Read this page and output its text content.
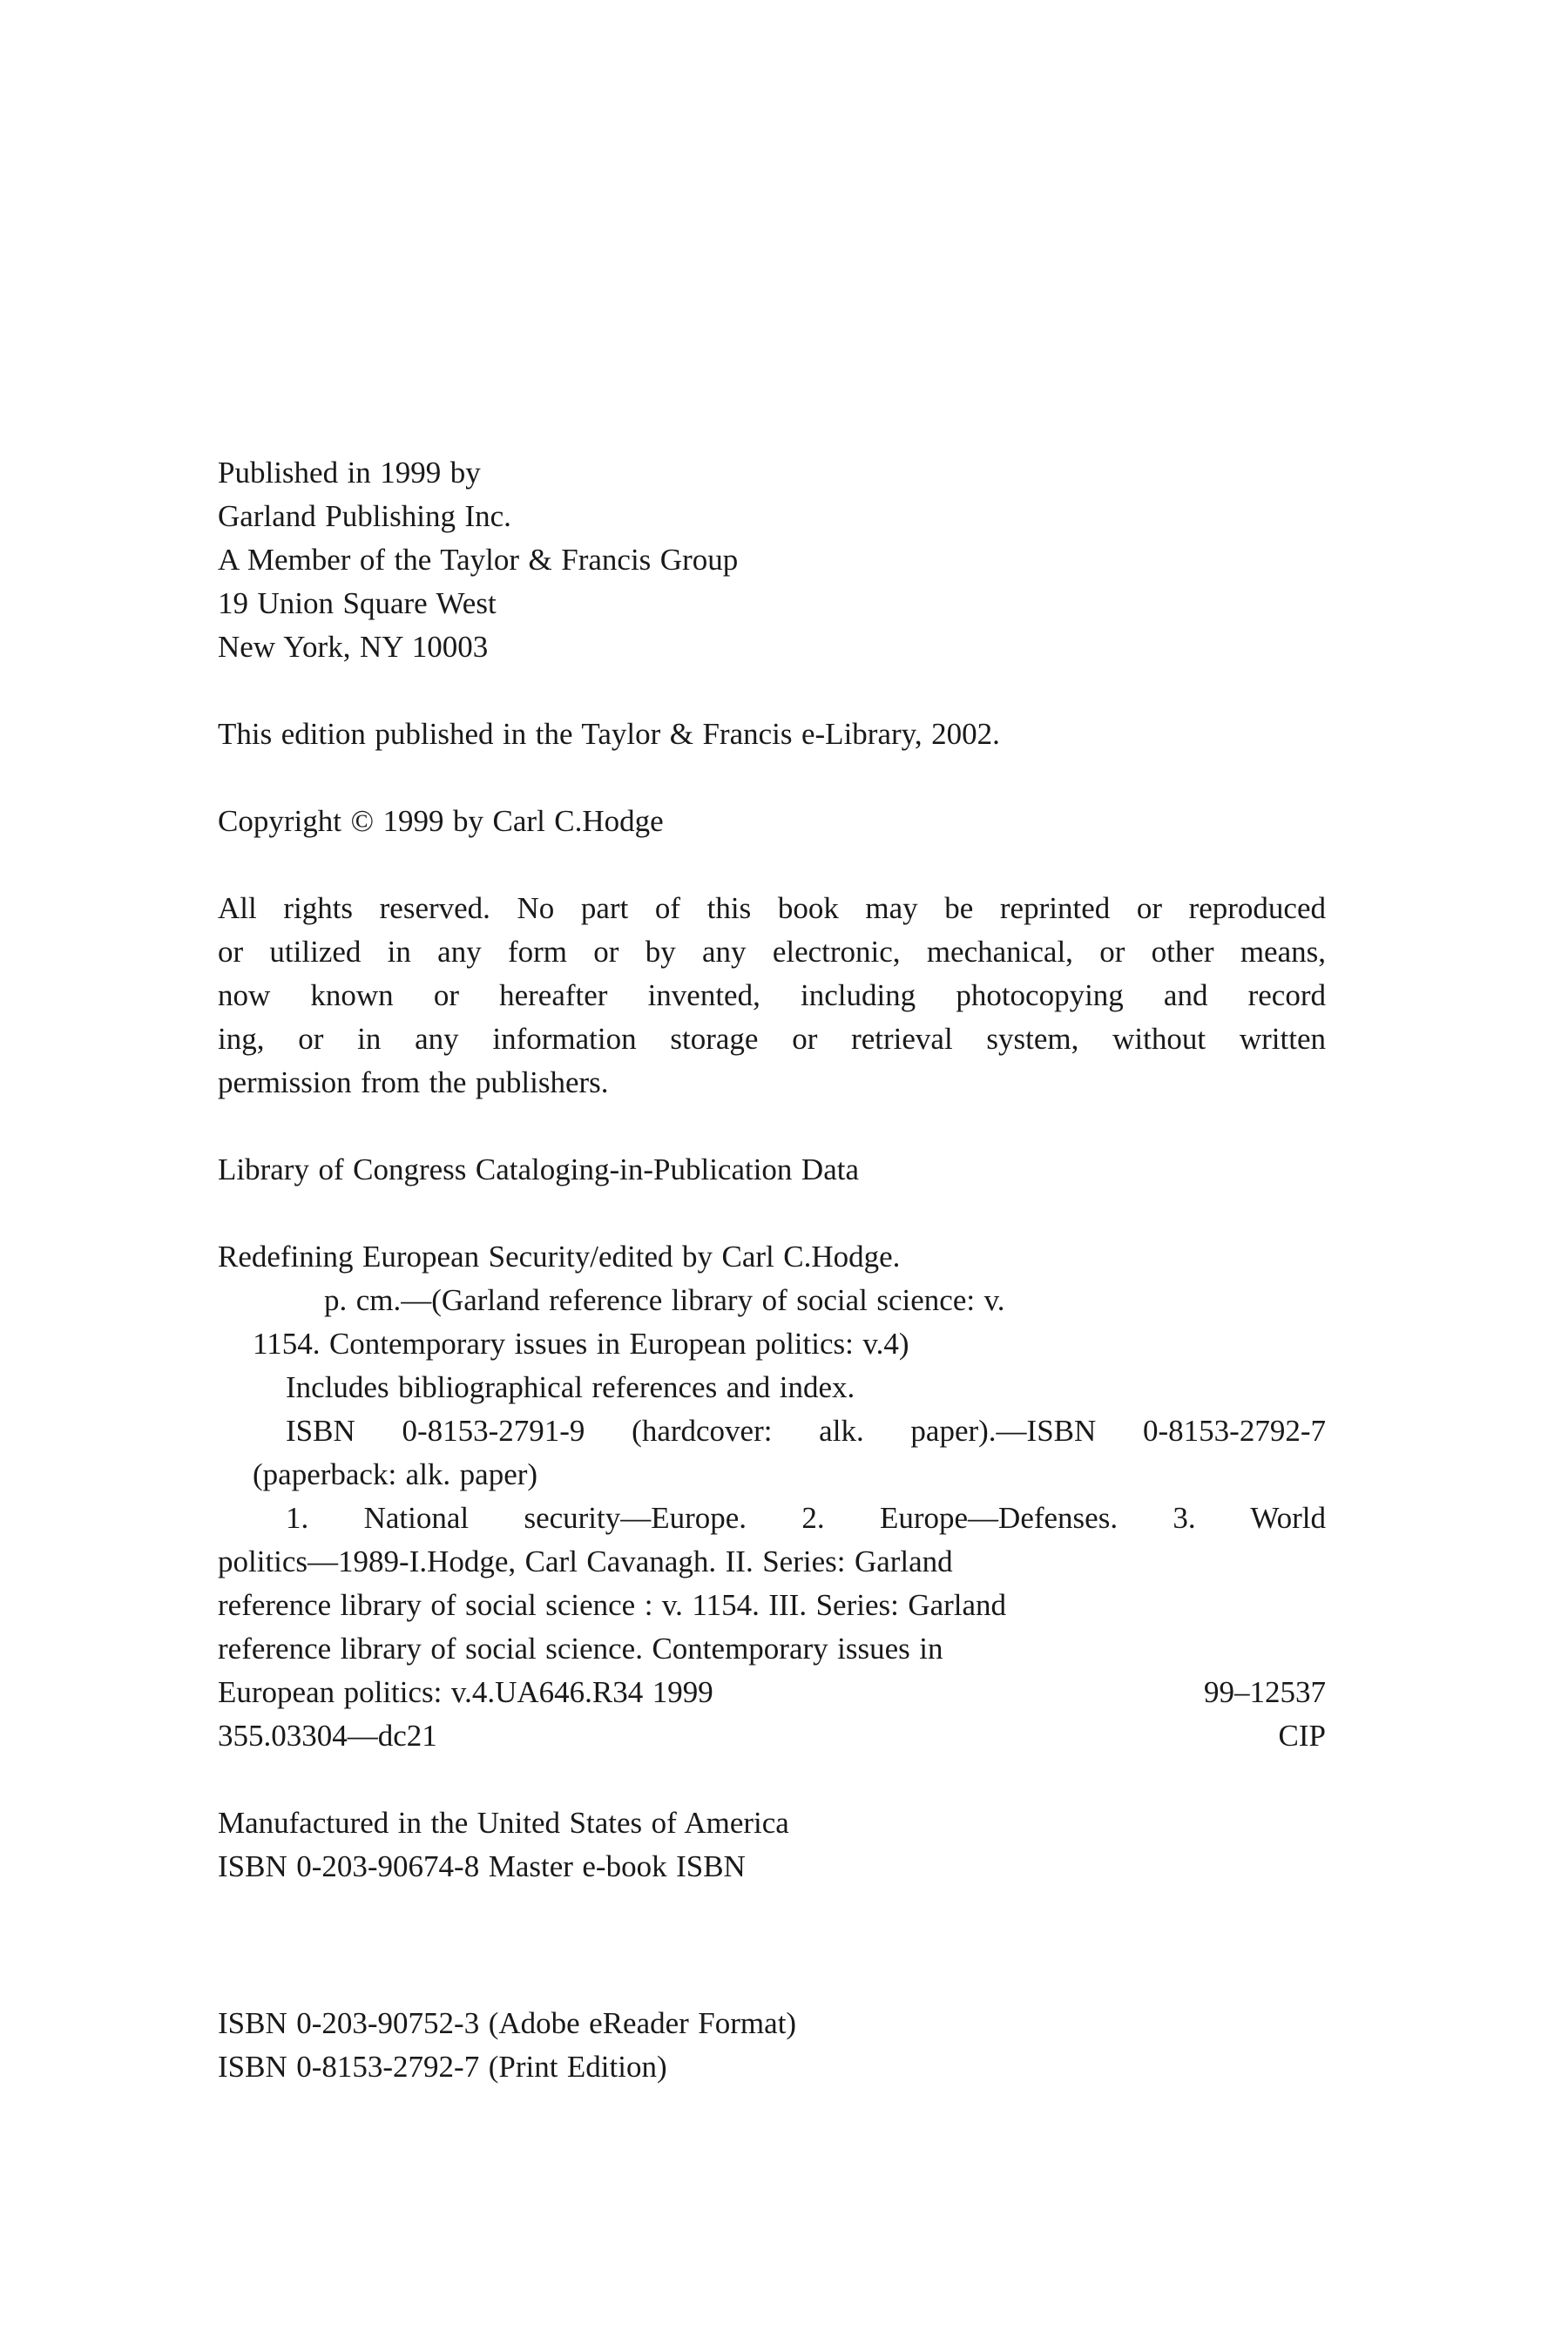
Published in 1999 by
Garland Publishing Inc.
A Member of the Taylor & Francis Group
19 Union Square West
New York, NY 10003
This edition published in the Taylor & Francis e-Library, 2002.
Copyright © 1999 by Carl C.Hodge
All rights reserved. No part of this book may be reprinted or reproduced
or utilized in any form or by any electronic, mechanical, or other means,
now known or hereafter invented, including photocopying and record
ing, or in any information storage or retrieval system, without written
permission from the publishers.
Library of Congress Cataloging-in-Publication Data
Redefining European Security/edited by Carl C.Hodge.
p. cm.—(Garland reference library of social science: v.
1154. Contemporary issues in European politics: v.4)
Includes bibliographical references and index.
ISBN 0-8153-2791-9 (hardcover: alk. paper).—ISBN 0-8153-2792-7
(paperback: alk. paper)
1. National security—Europe. 2. Europe—Defenses. 3. World
politics—1989-I.Hodge, Carl Cavanagh. II. Series: Garland
reference library of social science : v. 1154. III. Series: Garland
reference library of social science. Contemporary issues in
European politics: v.4.UA646.R34 1999	99–12537
355.03304—dc21	CIP
Manufactured in the United States of America
ISBN 0-203-90674-8 Master e-book ISBN
ISBN 0-203-90752-3 (Adobe eReader Format)
ISBN 0-8153-2792-7 (Print Edition)
